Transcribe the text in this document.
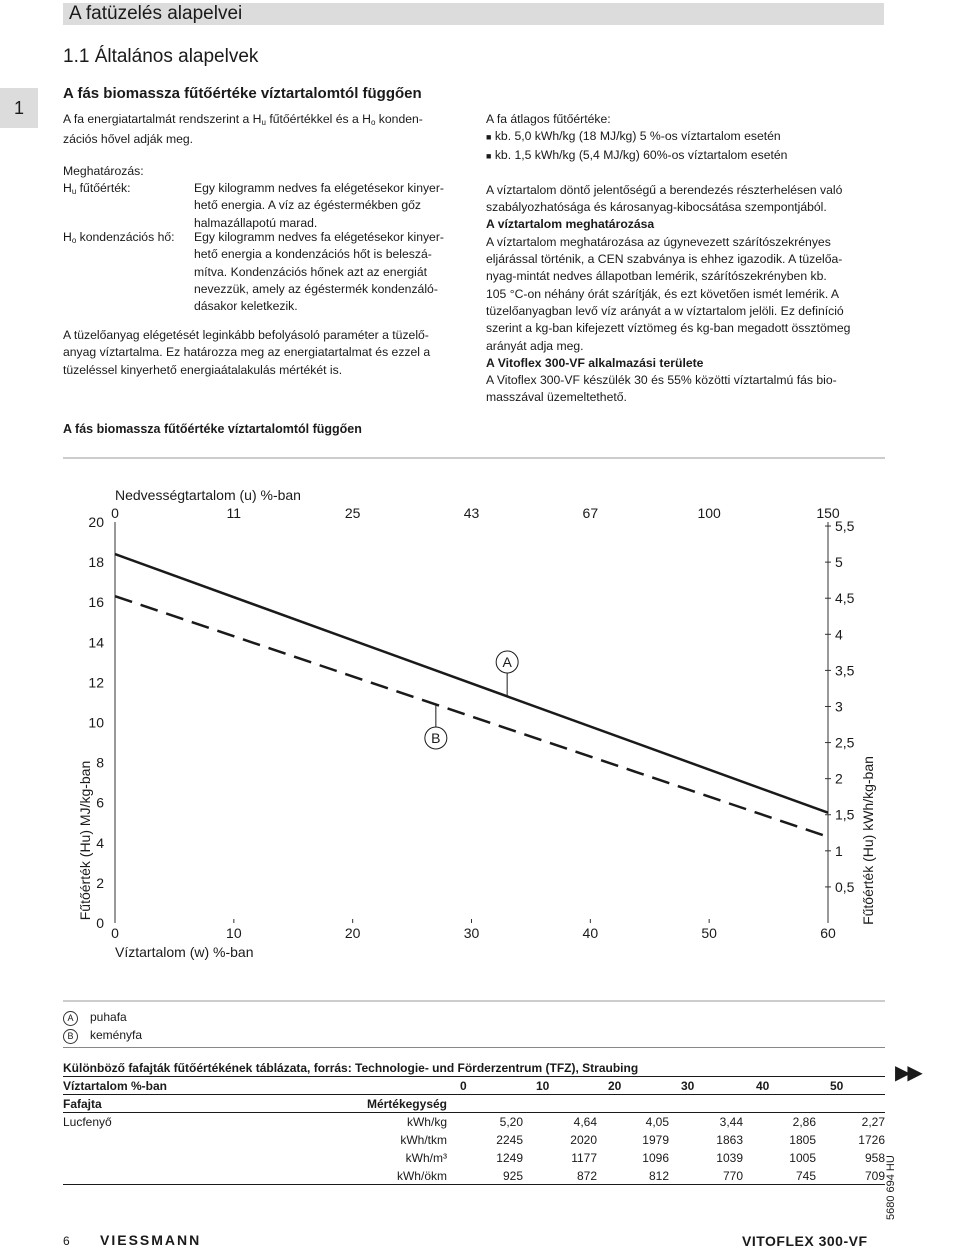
A fatüzelés alapelvei
1
1.1 Általános alapelvek
A fás biomassza fűtőértéke víztartalomtól függően
A fa energiatartalmát rendszerint a $H_u$ fűtőértékkel és a $H_o$ konden-
zációs hővel adják meg.
Meghatározás:
$H_u$ fűtőérték:	Egy kilogramm nedves fa elégetésekor kinyer-
hető energia. A víz az égéstermékben gőz
halmazállapotú marad.
$H_o$ kondenzációs hő: Egy kilogramm nedves fa elégetésekor kinyer-
hető energia a kondenzációs hőt is beleszá-
mítva. Kondenzációs hőnek azt az energiát
nevezzük, amely az égéstermék kondenzáló-
dásakor keletkezik.
A tüzelőanyag elégetését leginkább befolyásoló paraméter a tüzelő-
anyag víztartalma. Ez határozza meg az energiatartalmat és ezzel a
tüzeléssel kinyerhető energiaátalakulás mértékét is.
A fa átlagos fűtőértéke:
■ kb. 5,0 kWh/kg (18 MJ/kg) 5 %-os víztartalom esetén
■ kb. 1,5 kWh/kg (5,4 MJ/kg) 60%-os víztartalom esetén
A víztartalom döntő jelentőségű a berendezés részterhelésen való
szabályozhatósága és károsanyag-kibocsátása szempontjából.
A víztartalom meghatározása
A víztartalom meghatározása az úgynevezett szárítószekrényes
eljárással történik, a CEN szabványa is ehhez igazodik. A tüzelőa-
nyag-mintát nedves állapotban lemérik, szárítószekrényben kb.
105 °C-on néhány órát szárítják, és ezt követően ismét lemérik. A
tüzelőanyagban levő víz arányát a w víztartalom jelöli. Ez definíció
szerint a kg-ban kifejezett víztömeg és kg-ban megadott össztömeg
arányát adja meg.
A Vitoflex 300-VF alkalmazási területe
A Vitoflex 300-VF készülék 30 és 55% közötti víztartalmú fás bio-
masszával üzemeltethető.
A fás biomassza fűtőértéke víztartalomtól függően
0
2
4
6
8
10
12
14
16
18
20
0	10	20	30	40	50	60
Víztartalom (w) %-ban
0	11	25	43	67	100	150
Nedvességtartalom (u) %-ban
0,5
1
1,5
2
2,5
3
3,5
4
4,5
5
5,5
Fűtőérték (Hu) MJ/kg-ban	Fűtőérték (Hu) kWh/kg-ban
A
B
A puhafa
B keményfa
Különböző fafajták fűtőértékének táblázata, forrás: Technologie- und Förderzentrum (TFZ), Straubing
Víztartalom %-ban	0	10	20	30	40	50
Fafajta	Mértékegység
Lucfenyő	kWh/kg	5,20	4,64	4,05	3,44	2,86	2,27
kWh/tkm	2245	2020	1979	1863	1805	1726
kWh/m³	1249	1177	1096	1039	1005	958
kWh/ökm	925	872	812	770	745	709
▶▶
5680 694 HU
6 VIESSMANN	VITOFLEX 300-VF
